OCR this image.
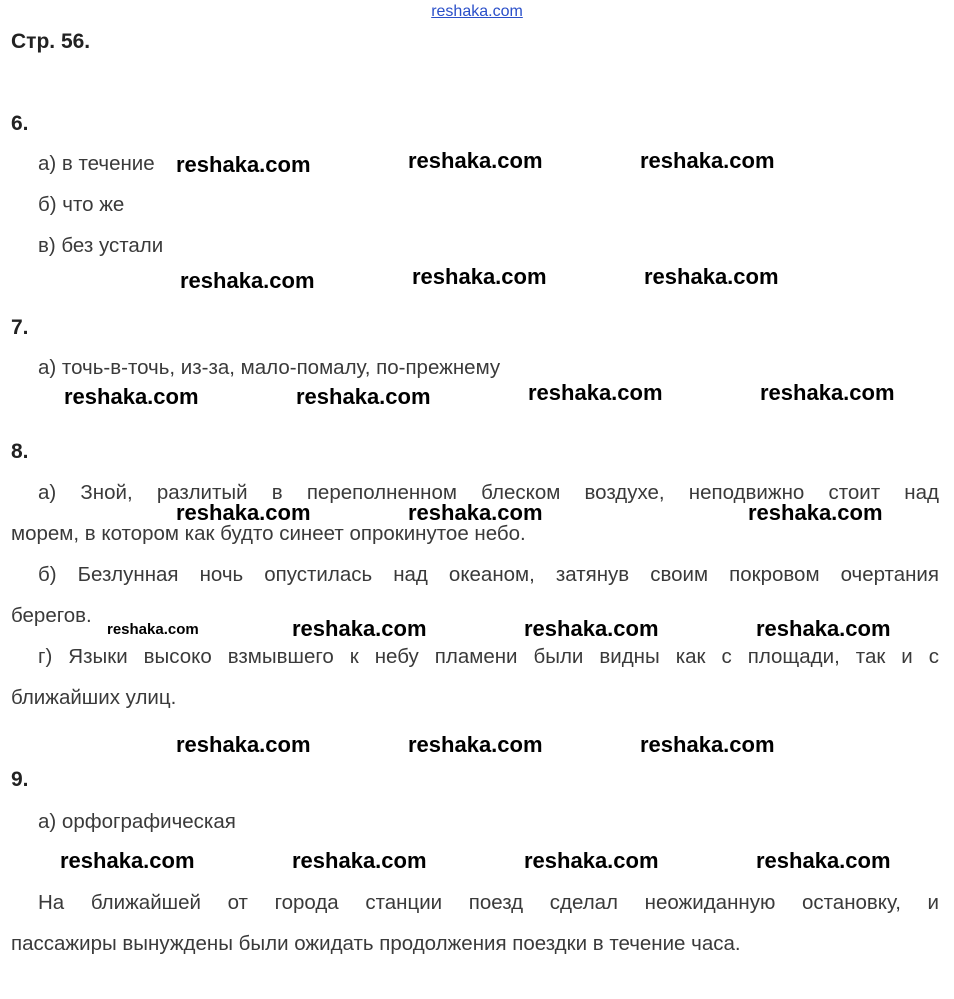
reshaka.com
Стр. 56.
6.
а) в течение
б) что же
в) без устали
7.
а) точь-в-точь, из-за, мало-помалу, по-прежнему
8.
а) Зной, разлитый в переполненном блеском воздухе, неподвижно стоит над
морем, в котором как будто синеет опрокинутое небо.
б) Безлунная ночь опустилась над океаном, затянув своим покровом очертания
берегов.
г) Языки высоко взмывшего к небу пламени были видны как с площади, так и с
ближайших улиц.
9.
а) орфографическая
На ближайшей от города станции поезд сделал неожиданную остановку, и
пассажиры вынуждены были ожидать продолжения поездки в течение часа.
reshaka.com	reshaka.com	reshaka.com
reshaka.com	reshaka.com	reshaka.com
reshaka.com	reshaka.com	reshaka.com	reshaka.com
reshaka.com	reshaka.com	reshaka.com
reshaka.com	reshaka.com	reshaka.com	reshaka.com
reshaka.com	reshaka.com	reshaka.com
reshaka.com	reshaka.com	reshaka.com	reshaka.com
